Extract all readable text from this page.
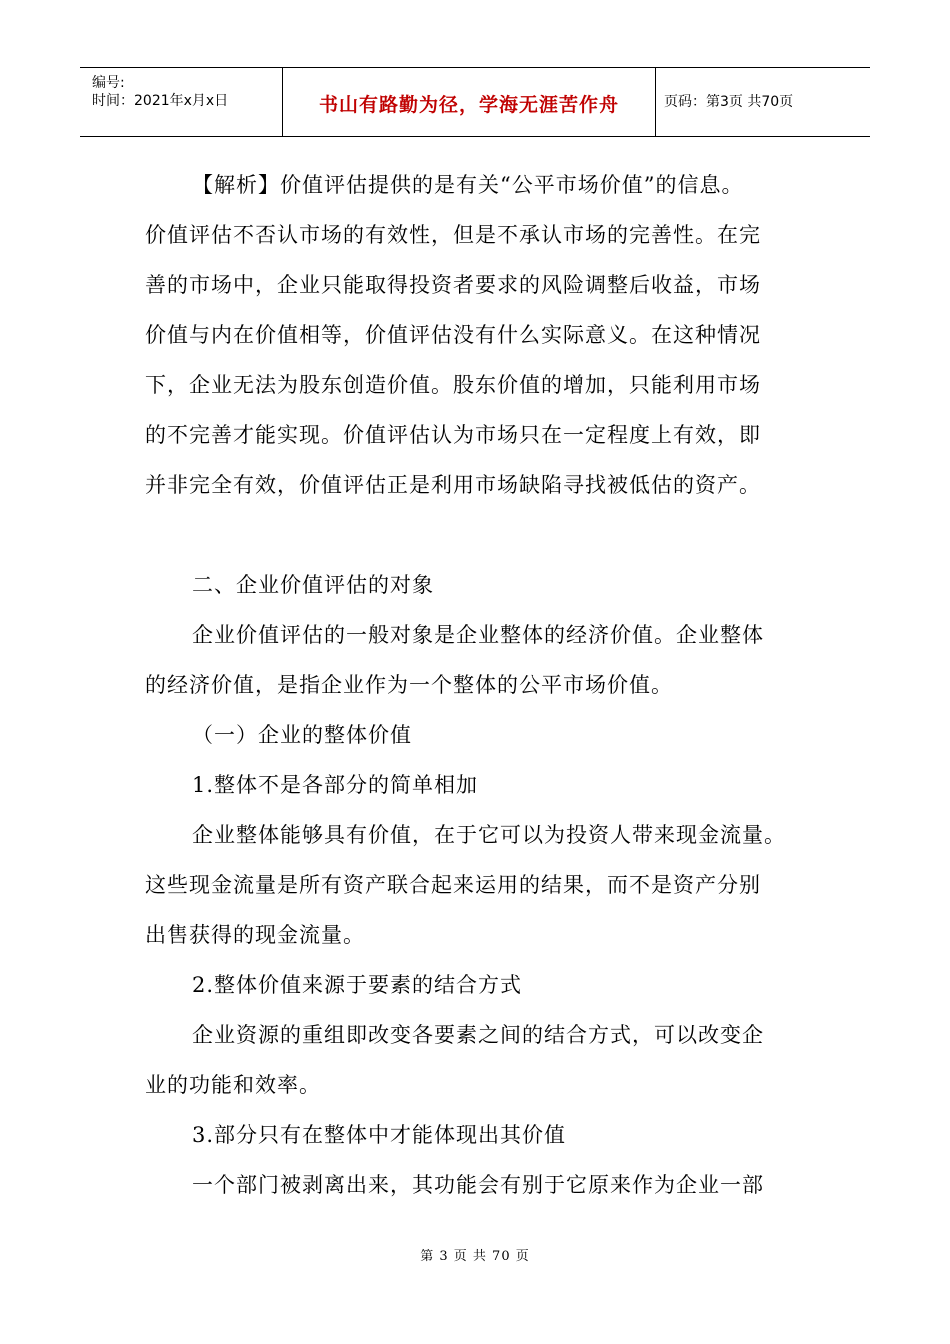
编号:
时间：2021年x月x日	书山有路勤为径，学海无涯苦作舟	页码：第3页 共70页
【解析】价值评估提供的是有关“公平市场价值”的信息。
价值评估不否认市场的有效性，但是不承认市场的完善性。在完
善的市场中，企业只能取得投资者要求的风险调整后收益，市场
价值与内在价值相等，价值评估没有什么实际意义。在这种情况
下，企业无法为股东创造价值。股东价值的增加，只能利用市场
的不完善才能实现。价值评估认为市场只在一定程度上有效，即
并非完全有效，价值评估正是利用市场缺陷寻找被低估的资产。
二、企业价值评估的对象
企业价值评估的一般对象是企业整体的经济价值。企业整体
的经济价值，是指企业作为一个整体的公平市场价值。
（一）企业的整体价值
1.整体不是各部分的简单相加
企业整体能够具有价值，在于它可以为投资人带来现金流量。
这些现金流量是所有资产联合起来运用的结果，而不是资产分别
出售获得的现金流量。
2.整体价值来源于要素的结合方式
企业资源的重组即改变各要素之间的结合方式，可以改变企
业的功能和效率。
3.部分只有在整体中才能体现出其价值
一个部门被剥离出来，其功能会有别于它原来作为企业一部
第 3 页 共 70 页
